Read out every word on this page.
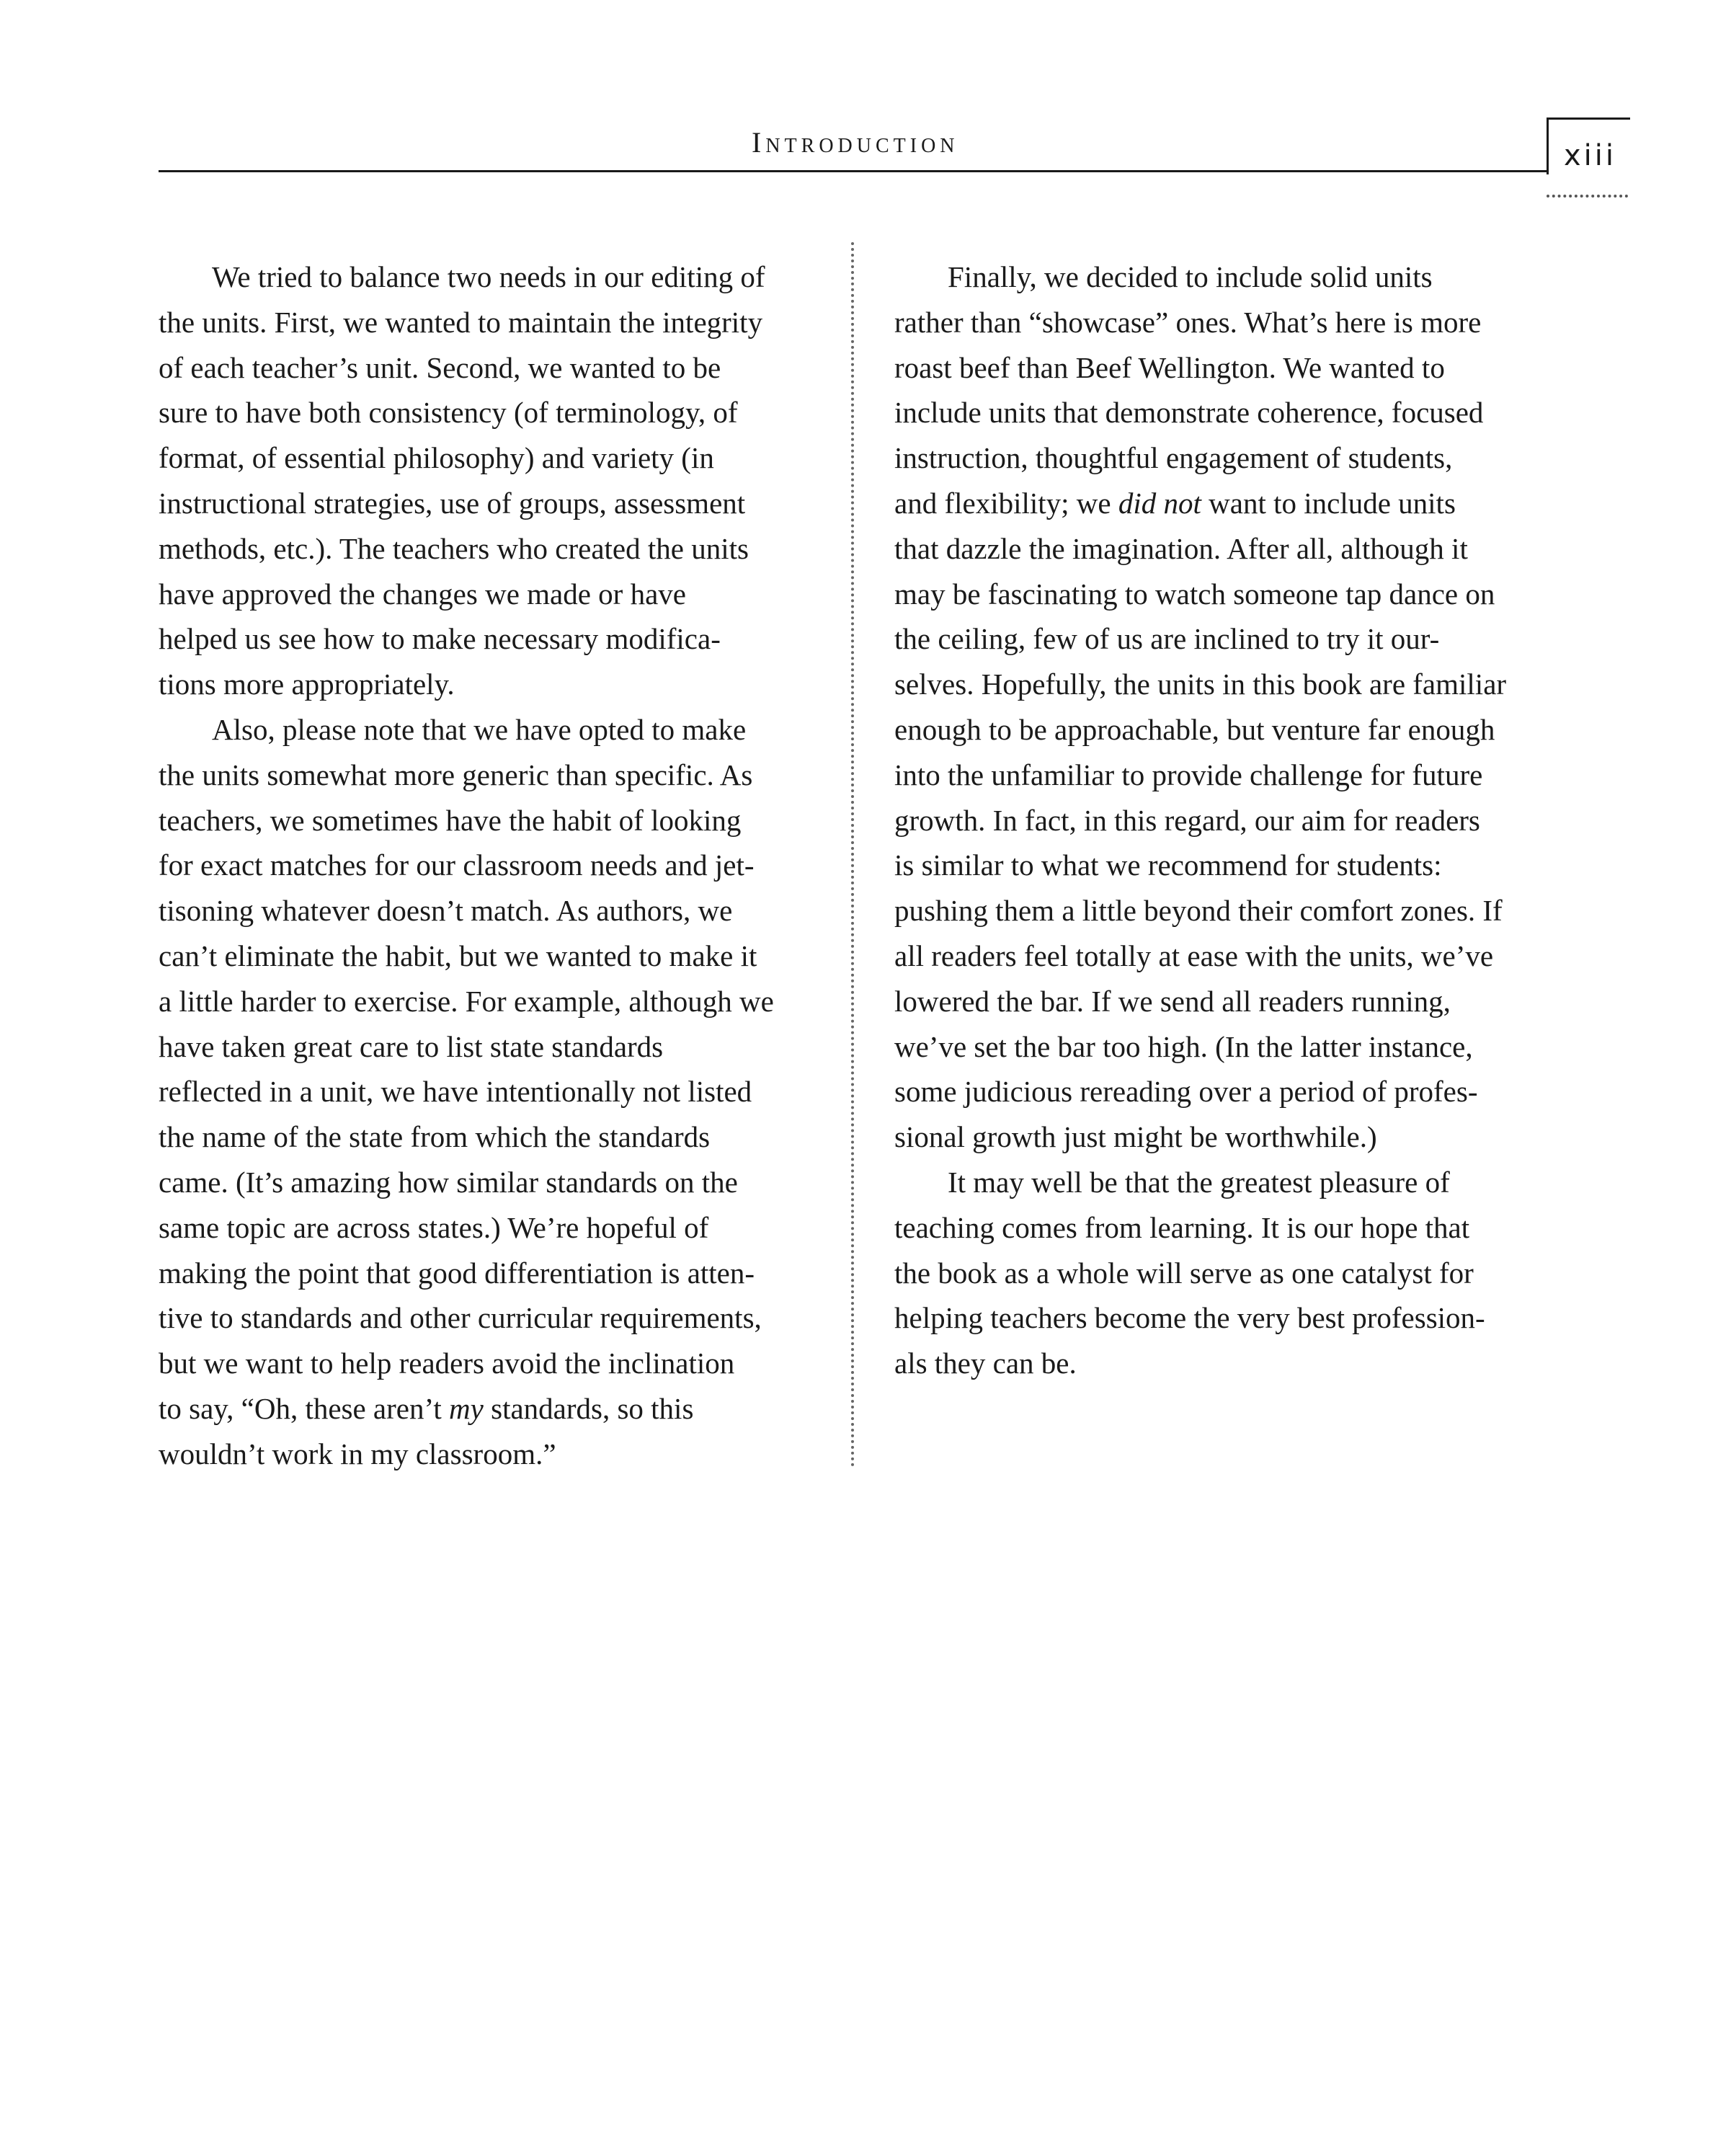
Introduction	xiii
We tried to balance two needs in our editing of
the units. First, we wanted to maintain the integrity
of each teacher’s unit. Second, we wanted to be
sure to have both consistency (of terminology, of
format, of essential philosophy) and variety (in
instructional strategies, use of groups, assessment
methods, etc.). The teachers who created the units
have approved the changes we made or have
helped us see how to make necessary modifica-
tions more appropriately.
Also, please note that we have opted to make
the units somewhat more generic than specific. As
teachers, we sometimes have the habit of looking
for exact matches for our classroom needs and jet-
tisoning whatever doesn’t match. As authors, we
can’t eliminate the habit, but we wanted to make it
a little harder to exercise. For example, although we
have taken great care to list state standards
reflected in a unit, we have intentionally not listed
the name of the state from which the standards
came. (It’s amazing how similar standards on the
same topic are across states.) We’re hopeful of
making the point that good differentiation is atten-
tive to standards and other curricular requirements,
but we want to help readers avoid the inclination
to say, “Oh, these aren’t my standards, so this
wouldn’t work in my classroom.”
Finally, we decided to include solid units
rather than “showcase” ones. What’s here is more
roast beef than Beef Wellington. We wanted to
include units that demonstrate coherence, focused
instruction, thoughtful engagement of students,
and flexibility; we did not want to include units
that dazzle the imagination. After all, although it
may be fascinating to watch someone tap dance on
the ceiling, few of us are inclined to try it our-
selves. Hopefully, the units in this book are familiar
enough to be approachable, but venture far enough
into the unfamiliar to provide challenge for future
growth. In fact, in this regard, our aim for readers
is similar to what we recommend for students:
pushing them a little beyond their comfort zones. If
all readers feel totally at ease with the units, we’ve
lowered the bar. If we send all readers running,
we’ve set the bar too high. (In the latter instance,
some judicious rereading over a period of profes-
sional growth just might be worthwhile.)
It may well be that the greatest pleasure of
teaching comes from learning. It is our hope that
the book as a whole will serve as one catalyst for
helping teachers become the very best profession-
als they can be.
